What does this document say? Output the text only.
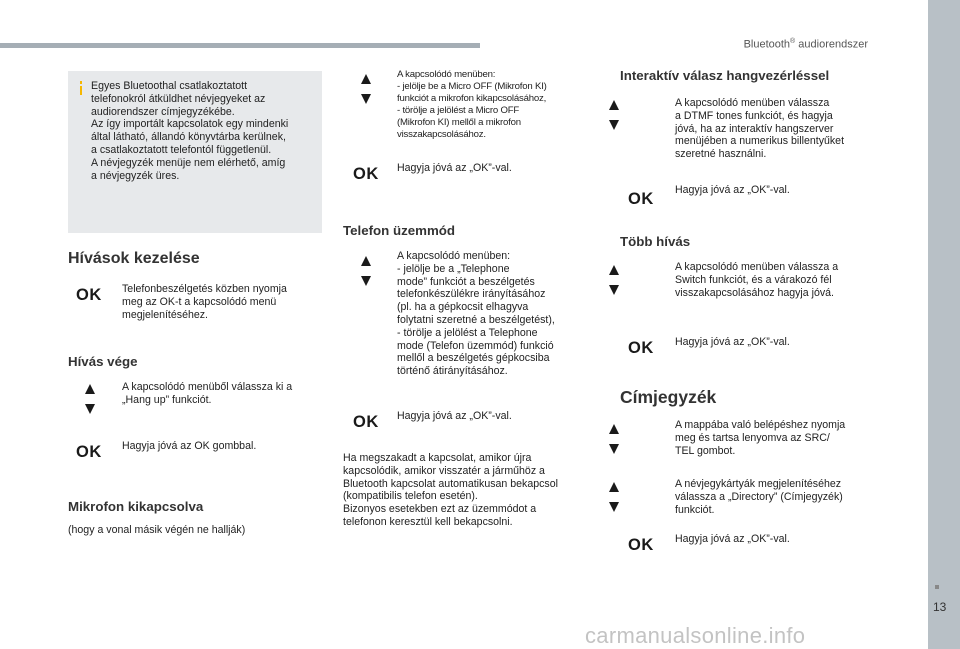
Bluetooth® audiorendszer
Egyes Bluetoothal csatlakoztatott
telefonokról átküldhet névjegyeket az
audiorendszer címjegyzékébe.
Az így importált kapcsolatok egy mindenki
által látható, állandó könyvtárba kerülnek,
a csatlakoztatott telefontól függetlenül.
A névjegyzék menüje nem elérhető, amíg
a névjegyzék üres.
Hívások kezelése
OK Telefonbeszélgetés közben nyomja
meg az OK-t a kapcsolódó menü
megjelenítéséhez.
Hívás vége
A kapcsolódó menüből válassza ki a
„Hang up” funkciót.
OK Hagyja jóvá az OK gombbal.
Mikrofon kikapcsolva
(hogy a vonal másik végén ne hallják)
A kapcsolódó menüben:
- jelölje be a Micro OFF (Mikrofon KI)
funkciót a mikrofon kikapcsolásához,
- törölje a jelölést a Micro OFF
(Mikrofon KI) mellől a mikrofon
visszakapcsolásához.
OK Hagyja jóvá az „OK”-val.
Telefon üzemmód
A kapcsolódó menüben:
- jelölje be a „Telephone
mode” funkciót a beszélgetés
telefonkészülékre irányításához
(pl. ha a gépkocsit elhagyva
folytatni szeretné a beszélgetést),
- törölje a jelölést a Telephone
mode (Telefon üzemmód) funkció
mellől a beszélgetés gépkocsiba
történő átirányításához.
OK Hagyja jóvá az „OK”-val.
Ha megszakadt a kapcsolat, amikor újra
kapcsolódik, amikor visszatér a járműhöz a
Bluetooth kapcsolat automatikusan bekapcsol
(kompatibilis telefon esetén).
Bizonyos esetekben ezt az üzemmódot a
telefonon keresztül kell bekapcsolni.
Interaktív válasz hangvezérléssel
A kapcsolódó menüben válassza
a DTMF tones funkciót, és hagyja
jóvá, ha az interaktív hangszerver
menüjében a numerikus billentyűket
szeretné használni.
OK Hagyja jóvá az „OK”-val.
Több hívás
A kapcsolódó menüben válassza a
Switch funkciót, és a várakozó fél
visszakapcsolásához hagyja jóvá.
OK Hagyja jóvá az „OK”-val.
Címjegyzék
A mappába való belépéshez nyomja
meg és tartsa lenyomva az SRC/
TEL gombot.
A névjegykártyák megjelenítéséhez
válassza a „Directory” (Címjegyzék)
funkciót.
OK Hagyja jóvá az „OK”-val.
13
carmanualsonline.info
